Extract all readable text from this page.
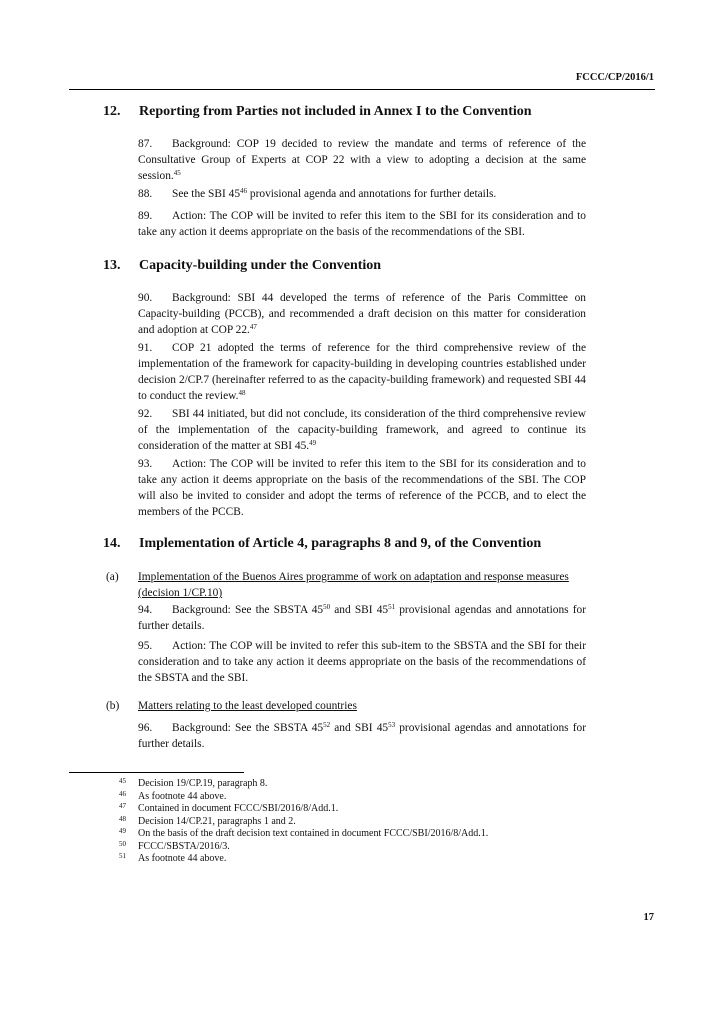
FCCC/CP/2016/1
12. Reporting from Parties not included in Annex I to the Convention

87. Background: COP 19 decided to review the mandate and terms of reference of the Consultative Group of Experts at COP 22 with a view to adopting a decision at the same session.$^{45}$

88. See the SBI $45^{46}$ provisional agenda and annotations for further details.

89. Action: The COP will be invited to refer this item to the SBI for its consideration and to take any action it deems appropriate on the basis of the recommendations of the SBI.

13. Capacity-building under the Convention

90. Background: SBI 44 developed the terms of reference of the Paris Committee on Capacity-building (PCCB), and recommended a draft decision on this matter for consideration and adoption at COP 22.47

91. COP 21 adopted the terms of reference for the third comprehensive review of the implementation of the framework for capacity-building in developing countries established under decision 2/CP.7 (hereinafter referred to as the capacity-building framework) and requested SBI 44 to conduct the review.$^{48}$

92. SBI 44 initiated, but did not conclude, its consideration of the third comprehensive review of the implementation of the capacity-building framework, and agreed to continue its consideration of the matter at SBI 45.49

93. Action: The COP will be invited to refer this item to the SBI for its consideration and to take any action it deems appropriate on the basis of the recommendations of the SBI. The COP will also be invited to consider and adopt the terms of reference of the PCCB, and to elect the members of the PCCB.

14. Implementation of Article 4, paragraphs 8 and 9, of the Convention
(a) Implementation of the Buenos Aires programme of work on adaptation and response measures (decision 1/CP.10)

94. Background: See the SBSTA $45^{50}$ and SBI $45^{51}$ provisional agendas and annotations for further details.

95. Action: The COP will be invited to refer this sub-item to the SBSTA and the SBI for their consideration and to take any action it deems appropriate on the basis of the recommendations of the SBSTA and the SBI.

(b) Matters relating to the least developed countries

96. Background: See the SBSTA $45^{52}$ and SBI $45^{53}$ provisional agendas and annotations for further details.

45 Decision 19/CP.19, paragraph 8.
46 As footnote 44 above.
47 Contained in document FCCC/SBI/2016/8/Add.1.
48 Decision 14/CP.21, paragraphs 1 and 2.
49 On the basis of the draft decision text contained in document FCCC/SBI/2016/8/Add.1.
50 FCCC/SBSTA/2016/3.
51 As footnote 44 above.
17
